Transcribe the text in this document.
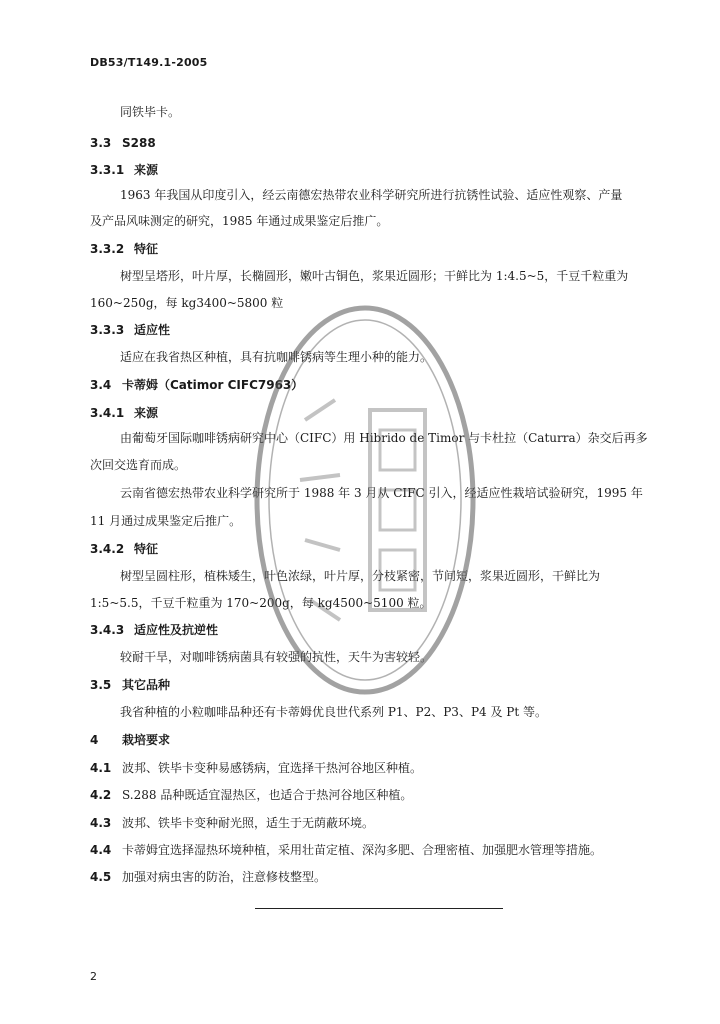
DB53/T149.1-2005
同铁毕卡。
3.3 S288
3.3.1 来源
1963 年我国从印度引入，经云南德宏热带农业科学研究所进行抗锈性试验、适应性观察、产量
及产品风味测定的研究，1985 年通过成果鉴定后推广。
3.3.2 特征
树型呈塔形，叶片厚，长椭圆形，嫩叶古铜色，浆果近圆形；干鲜比为 1:4.5~5，千豆千粒重为
160~250g，每 kg3400~5800 粒
3.3.3 适应性
适应在我省热区种植，具有抗咖啡锈病等生理小种的能力。
3.4 卡蒂姆（Catimor CIFC7963）
3.4.1 来源
由葡萄牙国际咖啡锈病研究中心（CIFC）用 Hibrido de Timor 与卡杜拉（Caturra）杂交后再多
次回交选育而成。
云南省德宏热带农业科学研究所于 1988 年 3 月从 CIFC 引入，经适应性栽培试验研究，1995 年
11 月通过成果鉴定后推广。
3.4.2 特征
树型呈圆柱形，植株矮生，叶色浓绿，叶片厚，分枝紧密，节间短，浆果近圆形，干鲜比为
1:5~5.5，千豆千粒重为 170~200g，每 kg4500~5100 粒。
3.4.3 适应性及抗逆性
较耐干旱，对咖啡锈病菌具有较强的抗性，天牛为害较轻。
3.5 其它品种
我省种植的小粒咖啡品种还有卡蒂姆优良世代系列 P1、P2、P3、P4 及 Pt 等。
4 栽培要求
4.1 波邦、铁毕卡变种易感锈病，宜选择干热河谷地区种植。
4.2 S.288 品种既适宜湿热区，也适合于热河谷地区种植。
4.3 波邦、铁毕卡变种耐光照，适生于无荫蔽环境。
4.4 卡蒂姆宜选择湿热环境种植，采用壮苗定植、深沟多肥、合理密植、加强肥水管理等措施。
4.5 加强对病虫害的防治，注意修枝整型。
2
